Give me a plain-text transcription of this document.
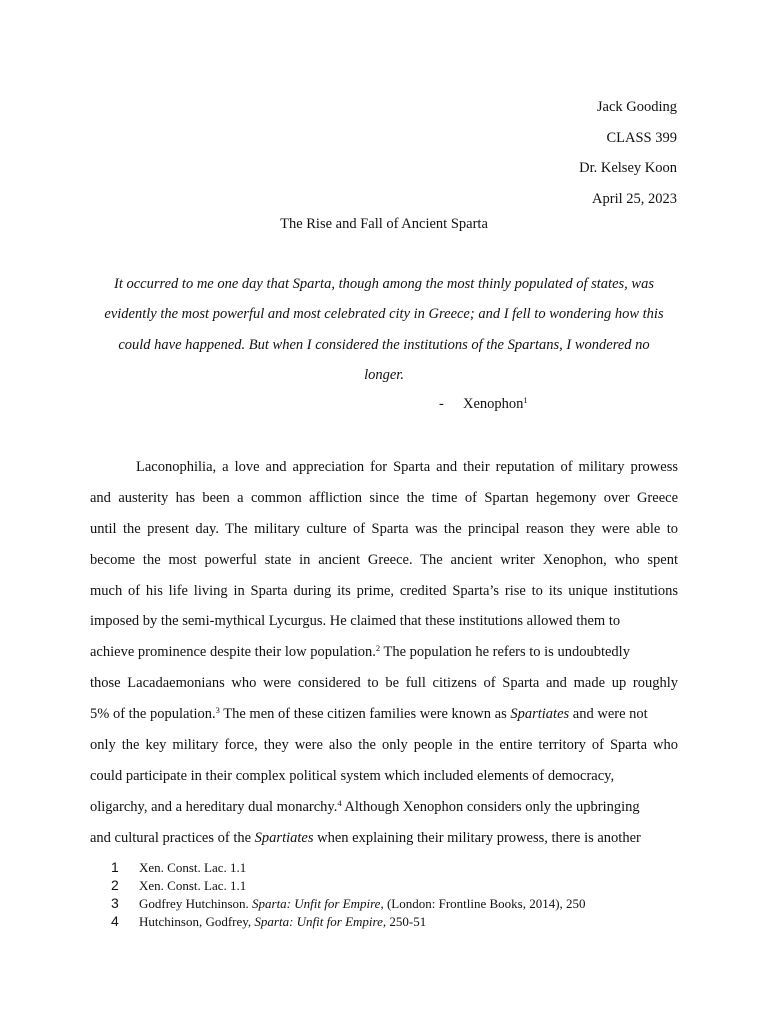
Jack Gooding
CLASS 399
Dr. Kelsey Koon
April 25, 2023
The Rise and Fall of Ancient Sparta
It occurred to me one day that Sparta, though among the most thinly populated of states, was
evidently the most powerful and most celebrated city in Greece; and I fell to wondering how this
could have happened. But when I considered the institutions of the Spartans, I wondered no
longer.
- Xenophon$^1$
Laconophilia, a love and appreciation for Sparta and their reputation of military prowess
and austerity has been a common affliction since the time of Spartan hegemony over Greece
until the present day. The military culture of Sparta was the principal reason they were able to
become the most powerful state in ancient Greece. The ancient writer Xenophon, who spent
much of his life living in Sparta during its prime, credited Sparta’s rise to its unique institutions
imposed by the semi-mythical Lycurgus. He claimed that these institutions allowed them to
achieve prominence despite their low population.$^2$ The population he refers to is undoubtedly
those Lacadaemonians who were considered to be full citizens of Sparta and made up roughly
5% of the population.$^3$ The men of these citizen families were known as Spartiates and were not
only the key military force, they were also the only people in the entire territory of Sparta who
could participate in their complex political system which included elements of democracy,
oligarchy, and a hereditary dual monarchy.$^4$ Although Xenophon considers only the upbringing
and cultural practices of the Spartiates when explaining their military prowess, there is another
1 Xen. Const. Lac. 1.1
2 Xen. Const. Lac. 1.1
3 Godfrey Hutchinson. Sparta: Unfit for Empire, (London: Frontline Books, 2014), 250
4 Hutchinson, Godfrey, Sparta: Unfit for Empire, 250-51
